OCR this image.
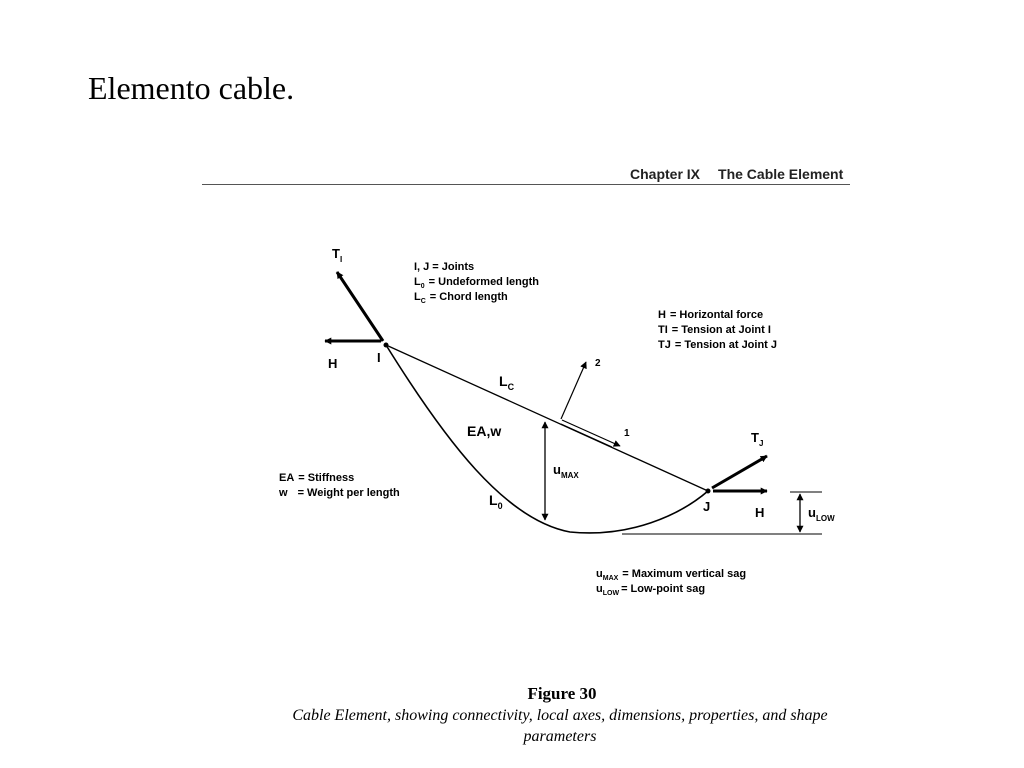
Elemento cable.
Chapter IX The Cable Element
$T_I$
H	I
$L_C$
EA,w
$L_0$
$u_{MAX}$
2
1	$T_J$
J	H	$u_{LOW}$
I, J = Joints
$L_0$ = Undeformed length
$L_C$ = Chord length
H = Horizontal force
TI = Tension at Joint I
TJ = Tension at Joint J
EA = Stiffness
w = Weight per length
$u_{MAX}$ = Maximum vertical sag
$u_{LOW}$ = Low-point sag
Figure 30
Cable Element, showing connectivity, local axes, dimensions, properties, and shape parameters
